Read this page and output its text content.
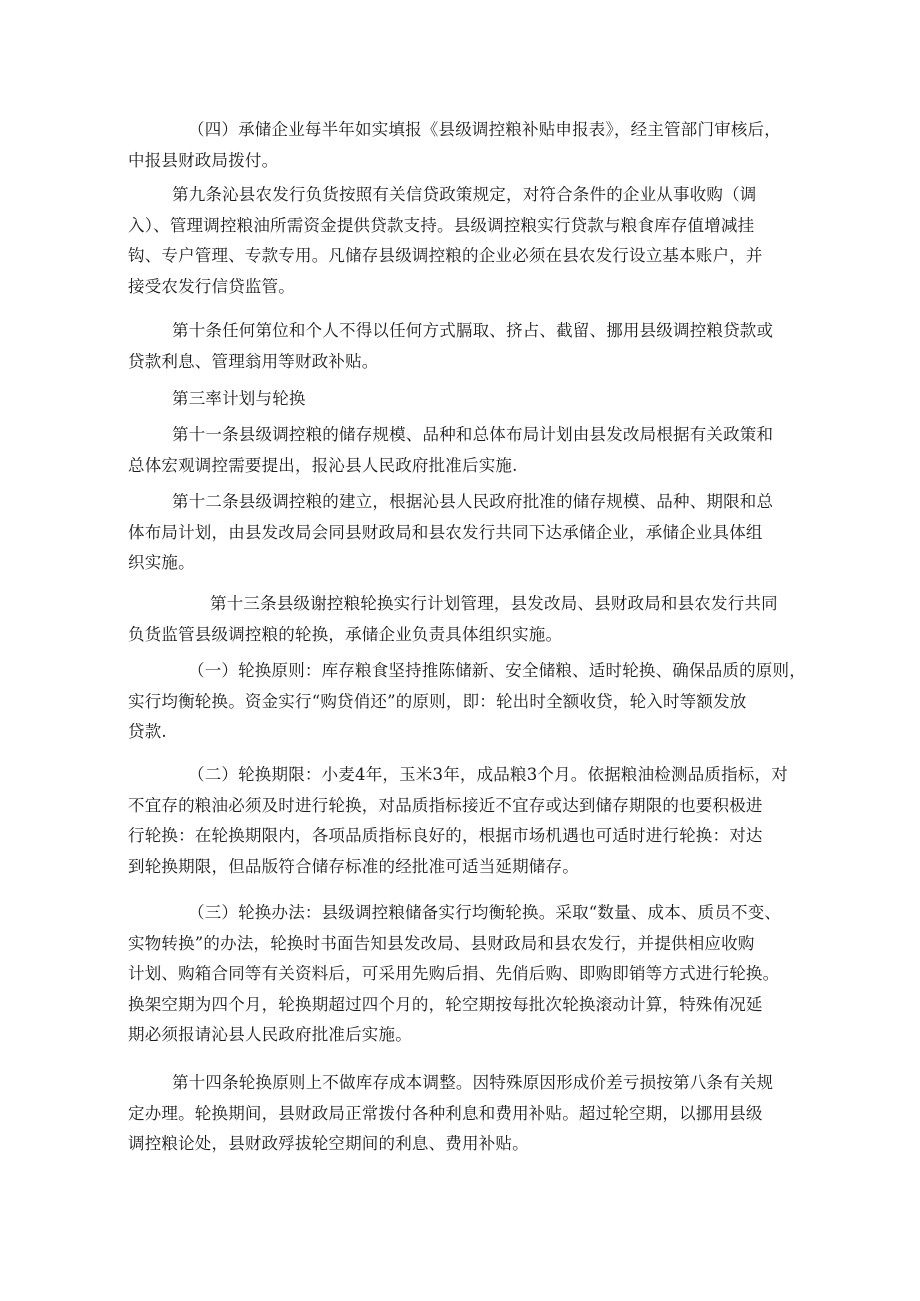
（四）承储企业每半年如实填报《县级调控粮补贴申报表》，经主管部门审核后，
中报县财政局拨付。
第九条沁县农发行负货按照有关信贷政策规定，对符合条件的企业从事收购（调
入）、管理调控粮油所需资金提供贷款支持。县级调控粮实行贷款与粮食库存值增减挂
钩、专户管理、专款专用。凡储存县级调控粮的企业必须在县农发行设立基本账户，并
接受农发行信贷监管。
第十条任何第位和个人不得以任何方式膈取、挤占、截留、挪用县级调控粮贷款或
贷款利息、管理翁用等财政补贴。
第三率计划与轮换
第十一条县级调控粮的储存规模、品种和总体布局计划由县发改局根据有关政策和
总体宏观调控需要提出，报沁县人民政府批准后实施.
第十二条县级调控粮的建立，根据沁县人民政府批准的储存规模、品种、期限和总
体布局计划，由县发改局会同县财政局和县农发行共同下达承储企业，承储企业具体组
织实施。
第十三条县级谢控粮轮换实行计划管理，县发改局、县财政局和县农发行共同
负货监管县级调控粮的轮换，承储企业负责具体组织实施。
（一）轮换原则：库存粮食坚持推陈储新、安全储粮、适时轮换、确保品质的原则，
实行均衡轮换。资金实行“购贷俏还”的原则，即：轮出时全额收贷，轮入时等额发放
贷款.
（二）轮换期限：小麦4年，玉米3年，成品粮3个月。依据粮油检测品质指标，对
不宜存的粮油必须及时进行轮换，对品质指标接近不宜存或达到储存期限的也要积极进
行轮换：在轮换期限内，各项品质指标良好的，根据市场机遇也可适时进行轮换：对达
到轮换期限，但品版符合储存标准的经批准可适当延期储存。
（三）轮换办法：县级调控粮储备实行均衡轮换。采取“数量、成本、质员不变、
实物转换”的办法，轮换时书面告知县发改局、县财政局和县农发行，并提供相应收购
计划、购箱合同等有关资料后，可采用先购后捐、先俏后购、即购即销等方式进行轮换。
换架空期为四个月，轮换期超过四个月的，轮空期按每批次轮换滚动计算，特殊侑况延
期必须报请沁县人民政府批准后实施。
第十四条轮换原则上不做库存成本调整。因特殊原因形成价差亏损按第八条有关规
定办理。轮换期间，县财政局正常拨付各种利息和费用补贴。超过轮空期，以挪用县级
调控粮论处，县财政殍拔轮空期间的利息、费用补贴。
